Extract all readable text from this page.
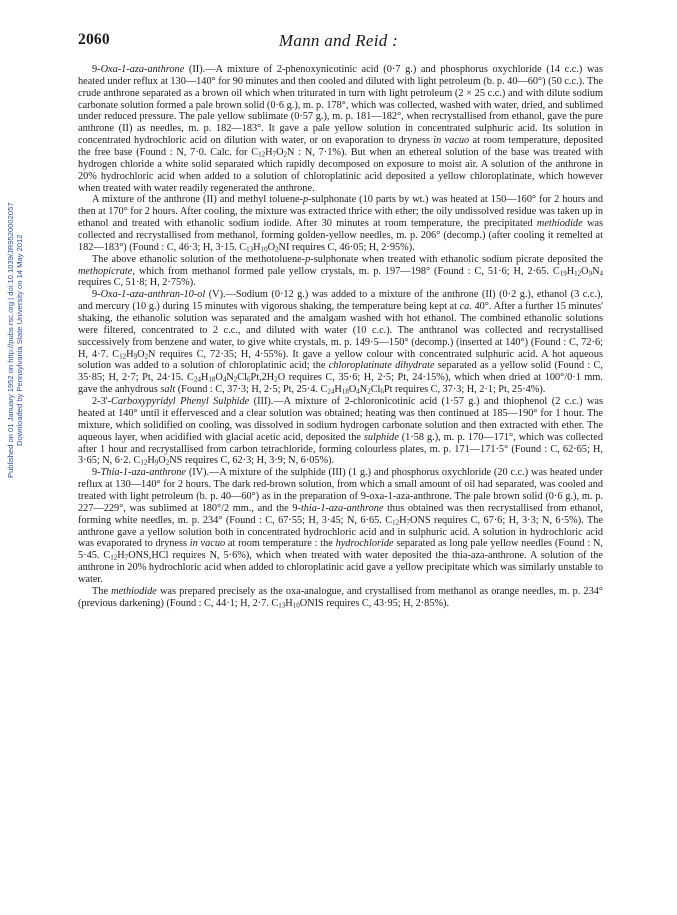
2060	Mann and Reid :
Published on 01 January 1952 on http://pubs.rsc.org | doi:10.1039/JR9520002057 Downloaded by Pennsylvania State University on 14 May 2012

9-Oxa-1-aza-anthrone (II).—A mixture of 2-phenoxynicotinic acid (0·7 g.) and phosphorus oxychloride (14 c.c.) was heated under reflux at 130—140° for 90 minutes and then cooled and diluted with light petroleum (b. p. 40—60°) (50 c.c.). The crude anthrone separated as a brown oil which when triturated in turn with light petroleum (2 × 25 c.c.) and with dilute sodium carbonate solution formed a pale brown solid (0·6 g.), m. p. 178°, which was collected, washed with water, dried, and sublimed under reduced pressure. The pale yellow sublimate (0·57 g.), m. p. 181—182°, when recrystallised from ethanol, gave the pure anthrone (II) as needles, m. p. 182—183°. It gave a pale yellow solution in concentrated sulphuric acid. Its solution in concentrated hydrochloric acid on dilution with water, or on evaporation to dryness in vacuo at room temperature, deposited the free base (Found : N, 7·0. Calc. for $C_{12}H_7O_2N$ : N, 7·1%). But when an ethereal solution of the base was treated with hydrogen chloride a white solid separated which rapidly decomposed on exposure to moist air. A solution of the anthrone in 20% hydrochloric acid when added to a solution of chloroplatinic acid deposited a yellow chloroplatinate, which however when treated with water readily regenerated the anthrone.

A mixture of the anthrone (II) and methyl toluene-p-sulphonate (10 parts by wt.) was heated at 150—160° for 2 hours and then at 170° for 2 hours. After cooling, the mixture was extracted thrice with ether; the oily undissolved residue was taken up in ethanol and treated with ethanolic sodium iodide. After 30 minutes at room temperature, the precipitated methiodide was collected and recrystallised from methanol, forming golden-yellow needles, m. p. 206° (decomp.) (after cooling it remelted at 182—183°) (Found : C, 46·3; H, 3·15. $C_{13}H_{10}O_2NI$ requires C, 46·05; H, 2·95%).

The above ethanolic solution of the methotoluene-p-sulphonate when treated with ethanolic sodium picrate deposited the methopicrate, which from methanol formed pale yellow crystals, m. p. 197—198° (Found : C, 51·6; H, 2·65. $C_{19}H_{12}O_9N_4$ requires C, 51·8; H, 2·75%).

9-Oxa-1-aza-anthran-10-ol (V).—Sodium (0·12 g.) was added to a mixture of the anthrone (II) (0·2 g.), ethanol (3 c.c.), and mercury (10 g.) during 15 minutes with vigorous shaking, the temperature being kept at ca. 40°. After a further 15 minutes' shaking, the ethanolic solution was separated and the amalgam washed with hot ethanol. The combined ethanolic solutions were filtered, concentrated to 2 c.c., and diluted with water (10 c.c.). The anthranol was collected and recrystallised successively from benzene and water, to give white crystals, m. p. 149·5—150° (decomp.) (inserted at 140°) (Found : C, 72·6; H, 4·7. $C_{12}H_9O_2N$ requires C, 72·35; H, 4·55%). It gave a yellow colour with concentrated sulphuric acid. A hot aqueous solution was added to a solution of chloroplatinic acid; the chloroplatinate dihydrate separated as a yellow solid (Found : C, 35·85; H, 2·7; Pt, 24·15. $C_{24}H_{18}O_4N_2Cl_6Pt,2H_2O$ requires C, 35·6; H, 2·5; Pt, 24·15%), which when dried at 100°/0·1 mm. gave the anhydrous salt (Found : C, 37·3; H, 2·5; Pt, 25·4. $C_{24}H_{18}O_4N_2Cl_6Pt$ requires C, 37·3; H, 2·1; Pt, 25·4%).

2-3'-Carboxypyridyl Phenyl Sulphide (III).—A mixture of 2-chloronicotinic acid (1·57 g.) and thiophenol (2 c.c.) was heated at 140° until it effervesced and a clear solution was obtained; heating was then continued at 185—190° for 1 hour. The mixture, which solidified on cooling, was dissolved in sodium hydrogen carbonate solution and then extracted with ether. The aqueous layer, when acidified with glacial acetic acid, deposited the sulphide (1·58 g.), m. p. 170—171°, which was collected after 1 hour and recrystallised from carbon tetrachloride, forming colourless plates, m. p. 171—171·5° (Found : C, 62·65; H, 3·65; N, 6·2. $C_{12}H_9O_2NS$ requires C, 62·3; H, 3·9; N, 6·05%).

9-Thia-1-aza-anthrone (IV).—A mixture of the sulphide (III) (1 g.) and phosphorus oxychloride (20 c.c.) was heated under reflux at 130—140° for 2 hours. The dark red-brown solution, from which a small amount of oil had separated, was cooled and treated with light petroleum (b. p. 40—60°) as in the preparation of 9-oxa-1-aza-anthrone. The pale brown solid (0·6 g.), m. p. 227—229°, was sublimed at 180°/2 mm., and the 9-thia-1-aza-anthrone thus obtained was then recrystallised from ethanol, forming white needles, m. p. 234° (Found : C, 67·55; H, 3·45; N, 6·65. $C_{12}H_7ONS$ requires C, 67·6; H, 3·3; N, 6·5%). The anthrone gave a yellow solution both in concentrated hydrochloric acid and in sulphuric acid. A solution in hydrochloric acid was evaporated to dryness in vacuo at room temperature : the hydrochloride separated as long pale yellow needles (Found : N, 5·45. $C_{12}H_7ONS,HCl$ requires N, 5·6%), which when treated with water deposited the thia-aza-anthrone. A solution of the anthrone in 20% hydrochloric acid when added to chloroplatinic acid gave a yellow precipitate which was similarly unstable to water.

The methiodide was prepared precisely as the oxa-analogue, and crystallised from methanol as orange needles, m. p. 234° (previous darkening) (Found : C, 44·1; H, 2·7. $C_{13}H_{10}ONIS$ requires C, 43·95; H, 2·85%).
